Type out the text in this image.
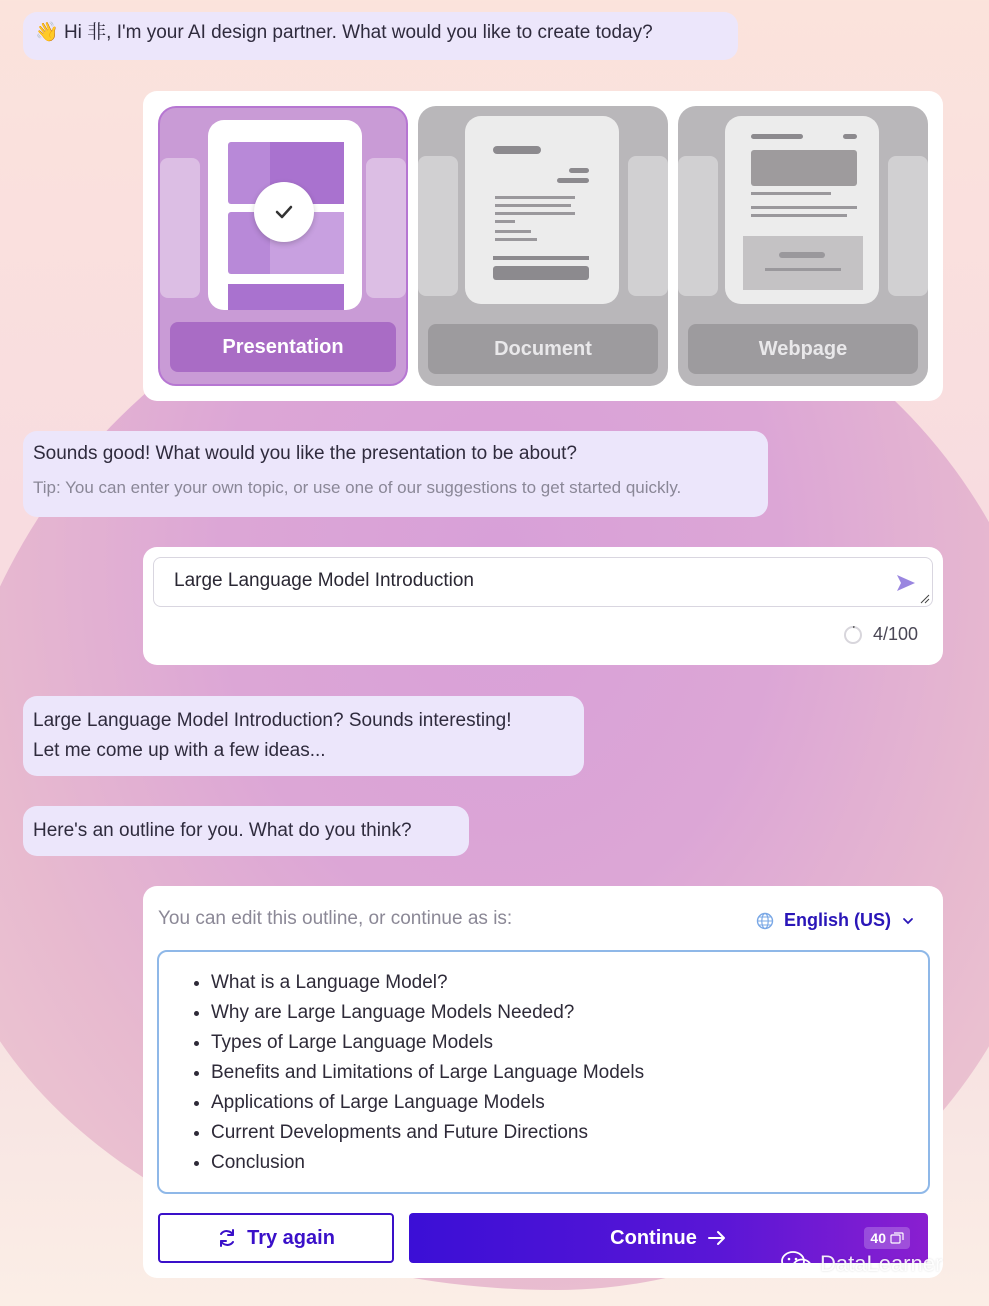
👋 Hi 非, I'm your AI design partner. What would you like to create today?
Presentation	Document	Webpage
Sounds good! What would you like the presentation to be about?
Tip: You can enter your own topic, or use one of our suggestions to get started quickly.
Large Language Model Introduction
4/100
Large Language Model Introduction? Sounds interesting!
Let me come up with a few ideas...
Here's an outline for you. What do you think?
You can edit this outline, or continue as is:	English (US)
• What is a Language Model?
• Why are Large Language Models Needed?
• Types of Large Language Models
• Benefits and Limitations of Large Language Models
• Applications of Large Language Models
• Current Developments and Future Directions
• Conclusion
Try again	Continue	40
DataLearner
